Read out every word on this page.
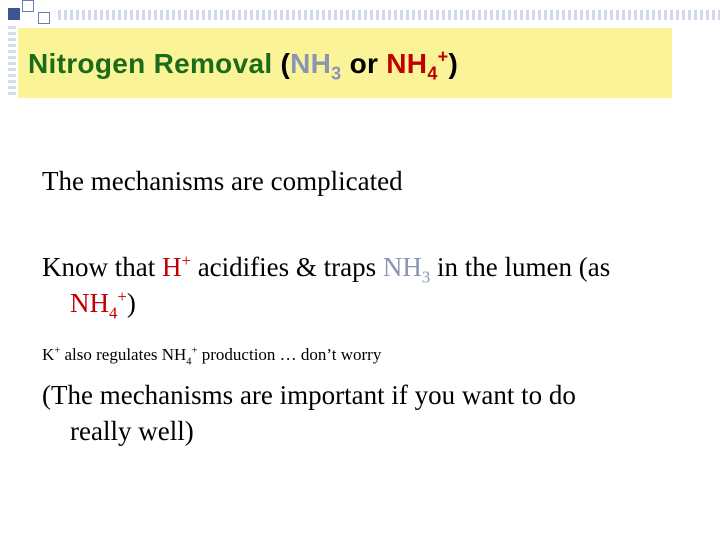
Nitrogen Removal ($NH_3$ or $NH_4^+$)

The mechanisms are complicated

Know that H+ acidifies & traps $NH_3$ in the lumen (as

$NH_4^+$)

K+ also regulates $NH_4^+$ production … don’t worry

(The mechanisms are important if you want to do

really well)
